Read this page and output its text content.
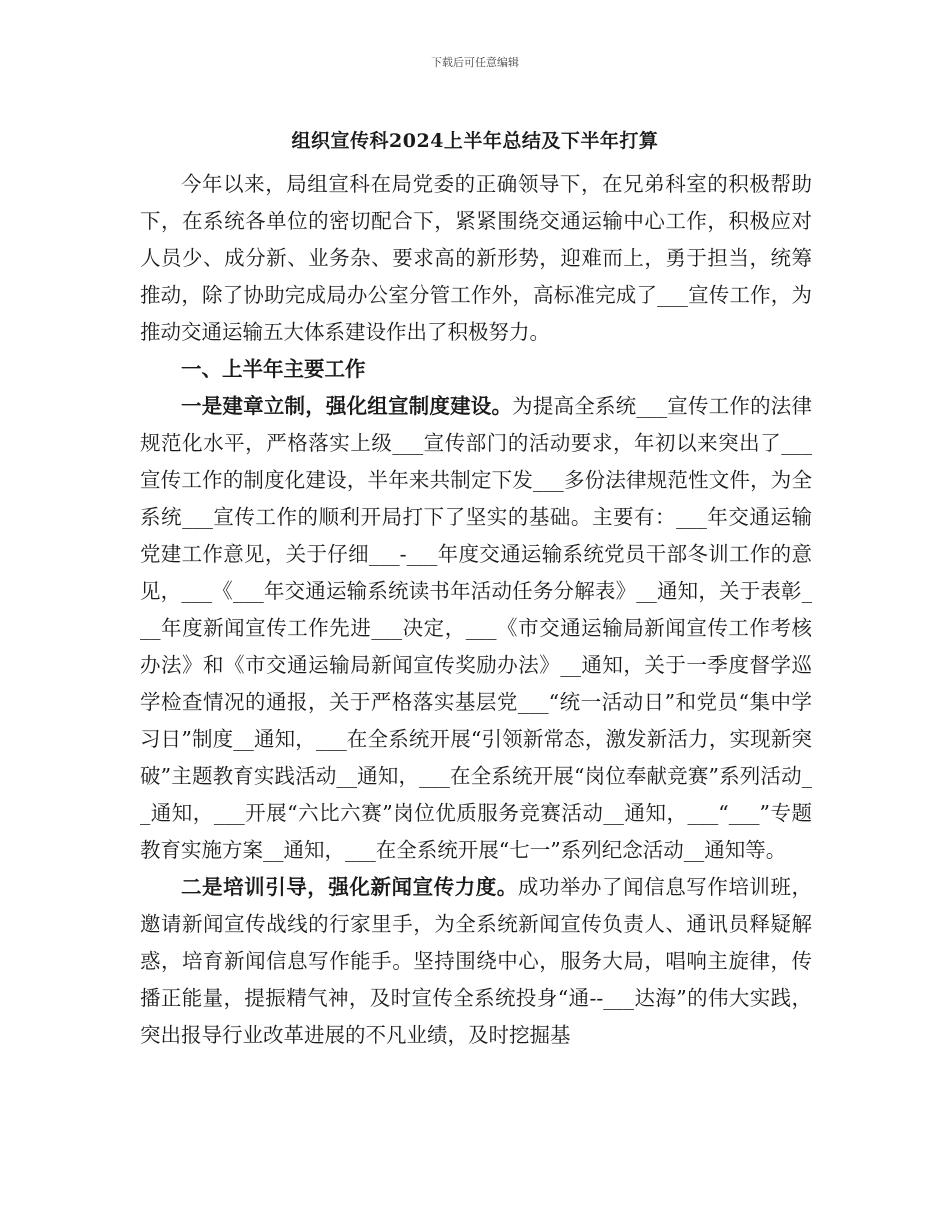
下载后可任意编辑
组织宣传科2024上半年总结及下半年打算

今年以来，局组宣科在局党委的正确领导下，在兄弟科室的积极帮助下，在系统各单位的密切配合下，紧紧围绕交通运输中心工作，积极应对人员少、成分新、业务杂、要求高的新形势，迎难而上，勇于担当，统筹推动，除了协助完成局办公室分管工作外，高标准完成了___宣传工作，为推动交通运输五大体系建设作出了积极努力。

一、上半年主要工作

一是建章立制，强化组宣制度建设。为提高全系统___宣传工作的法律规范化水平，严格落实上级___宣传部门的活动要求，年初以来突出了___宣传工作的制度化建设，半年来共制定下发___多份法律规范性文件，为全系统___宣传工作的顺利开局打下了坚实的基础。主要有：___年交通运输党建工作意见，关于仔细___-___年度交通运输系统党员干部冬训工作的意见，___《___年交通运输系统读书年活动任务分解表》__通知，关于表彰___年度新闻宣传工作先进___决定，___《市交通运输局新闻宣传工作考核办法》和《市交通运输局新闻宣传奖励办法》__通知，关于一季度督学巡学检查情况的通报，关于严格落实基层党___“统一活动日”和党员“集中学习日”制度__通知，___在全系统开展“引领新常态，激发新活力，实现新突破”主题教育实践活动__通知，___在全系统开展“岗位奉献竞赛”系列活动__通知，___开展“六比六赛”岗位优质服务竞赛活动__通知，___“___”专题教育实施方案__通知，___在全系统开展“七一”系列纪念活动__通知等。

二是培训引导，强化新闻宣传力度。成功举办了闻信息写作培训班，邀请新闻宣传战线的行家里手，为全系统新闻宣传负责人、通讯员释疑解惑，培育新闻信息写作能手。坚持围绕中心，服务大局，唱响主旋律，传播正能量，提振精气神，及时宣传全系统投身“通--___达海”的伟大实践，突出报导行业改革进展的不凡业绩，及时挖掘基
